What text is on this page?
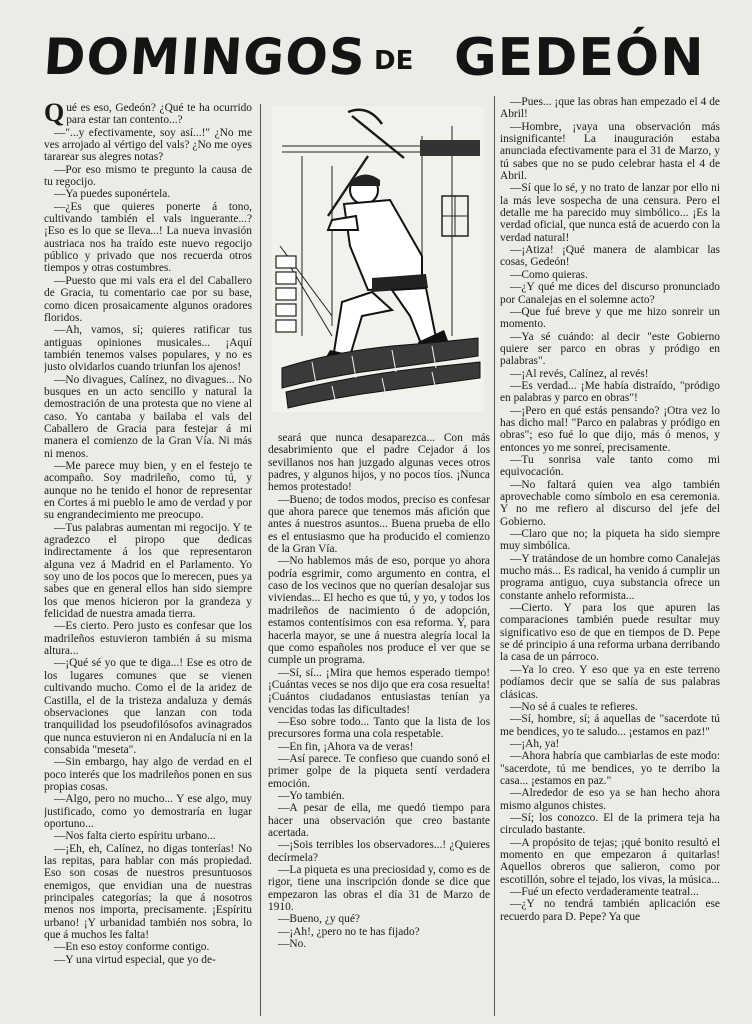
DOMINGOS DE GEDEÓN

Qué es eso, Gedeón? ¿Qué te ha ocurrido para estar tan contento...?

—"...y efectivamente, soy así...!" ¿No me ves arrojado al vértigo del vals? ¿No me oyes tararear sus alegres notas?

—Por eso mismo te pregunto la causa de tu regocijo.

—Ya puedes suponértela.

—¿Es que quieres ponerte á tono, cultivando también el vals inguerante...? ¡Eso es lo que se lleva...! La nueva invasión austriaca nos ha traído este nuevo regocijo público y privado que nos recuerda otros tiempos y otras costumbres.

—Puesto que mi vals era el del Caballero de Gracia, tu comentario cae por su base, como dicen prosaicamente algunos oradores floridos.

—Ah, vamos, sí; quieres ratificar tus antiguas opiniones musicales... ¡Aquí también tenemos valses populares, y no es justo olvidarlos cuando triunfan los ajenos!

—No divagues, Calínez, no divagues... No busques en un acto sencillo y natural la demostración de una protesta que no viene al caso. Yo cantaba y bailaba el vals del Caballero de Gracia para festejar á mi manera el comienzo de la Gran Vía. Ni más ni menos.

—Me parece muy bien, y en el festejo te acompaño. Soy madrileño, como tú, y aunque no he tenido el honor de representar en Cortes á mi pueblo le amo de verdad y por su engrandecimiento me preocupo.

—Tus palabras aumentan mi regocijo. Y te agradezco el piropo que dedicas indirectamente á los que representaron alguna vez á Madrid en el Parlamento. Yo soy uno de los pocos que lo merecen, pues ya sabes que en general ellos han sido siempre los que menos hicieron por la grandeza y felicidad de nuestra amada tierra.

—Es cierto. Pero justo es confesar que los madrileños estuvieron también á su misma altura...

—¡Qué sé yo que te diga...! Ese es otro de los lugares comunes que se vienen cultivando mucho. Como el de la aridez de Castilla, el de la tristeza andaluza y demás observaciones que lanzan con toda tranquilidad los pseudofilósofos avinagrados que nunca estuvieron ni en Andalucía ni en la consabida "meseta".

—Sin embargo, hay algo de verdad en el poco interés que los madrileños ponen en sus propias cosas.

—Algo, pero no mucho... Y ese algo, muy justificado, como yo demostraría en lugar oportuno...

—Nos falta cierto espíritu urbano...

—¡Eh, eh, Calínez, no digas tonterías! No las repitas, para hablar con más propiedad. Eso son cosas de nuestros presuntuosos enemigos, que envidian una de nuestras principales categorías; la que á nosotros menos nos importa, precisamente. ¡Espíritu urbano! ¡Y urbanidad también nos sobra, lo que á muchos les falta!

—En eso estoy conforme contigo.

—Y una virtud especial, que yo de-

seará que nunca desaparezca... Con más desabrimiento que el padre Cejador á los sevillanos nos han juzgado algunas veces otros padres, y algunos hijos, y no pocos tíos. ¡Nunca hemos protestado!

—Bueno; de todos modos, preciso es confesar que ahora parece que tenemos más afición que antes á nuestros asuntos... Buena prueba de ello es el entusiasmo que ha producido el comienzo de la Gran Vía.

—No hablemos más de eso, porque yo ahora podría esgrimir, como argumento en contra, el caso de los vecinos que no querían desalojar sus viviendas... El hecho es que tú, y yo, y todos los madrileños de nacimiento ó de adopción, estamos contentísimos con esa reforma. Y, para hacerla mayor, se une á nuestra alegría local la que como españoles nos produce el ver que se cumple un programa.

—Sí, sí... ¡Mira que hemos esperado tiempo! ¡Cuántas veces se nos dijo que era cosa resuelta! ¡Cuántos ciudadanos entusiastas tenían ya vencidas todas las dificultades!

—Eso sobre todo... Tanto que la lista de los precursores forma una cola respetable.

—En fin, ¡Ahora va de veras!

—Así parece. Te confieso que cuando sonó el primer golpe de la piqueta sentí verdadera emoción.

—Yo también.

—A pesar de ella, me quedó tiempo para hacer una observación que creo bastante acertada.

—¡Sois terribles los observadores...! ¿Quieres decírmela?

—La piqueta es una preciosidad y, como es de rigor, tiene una inscripción donde se dice que empezaron las obras el día 31 de Marzo de 1910.

—Bueno, ¿y qué?

—¡Ah!, ¿pero no te has fijado?

—No.

—Pues... ¡que las obras han empezado el 4 de Abril!

—Hombre, ¡vaya una observación más insignificante! La inauguración estaba anunciada efectivamente para el 31 de Marzo, y tú sabes que no se pudo celebrar hasta el 4 de Abril.

—Sí que lo sé, y no trato de lanzar por ello ni la más leve sospecha de una censura. Pero el detalle me ha parecido muy simbólico... ¡Es la verdad oficial, que nunca está de acuerdo con la verdad natural!

—¡Atiza! ¡Qué manera de alambicar las cosas, Gedeón!

—Como quieras.

—¿Y qué me dices del discurso pronunciado por Canalejas en el solemne acto?

—Que fué breve y que me hizo sonreir un momento.

—Ya sé cuándo: al decir "este Gobierno quiere ser parco en obras y pródigo en palabras".

—¡Al revés, Calínez, al revés!

—Es verdad... ¡Me había distraído, "pródigo en palabras y parco en obras"!

—¡Pero en qué estás pensando? ¡Otra vez lo has dicho mal! "Parco en palabras y pródigo en obras"; eso fué lo que dijo, más ó menos, y entonces yo me sonreí, precisamente.

—Tu sonrisa vale tanto como mi equivocación.

—No faltará quien vea algo también aprovechable como símbolo en esa ceremonia. Y no me refiero al discurso del jefe del Gobierno.

—Claro que no; la piqueta ha sido siempre muy simbólica.

—Y tratándose de un hombre como Canalejas mucho más... Es radical, ha venido á cumplir un programa antiguo, cuya substancia ofrece un constante anhelo reformista...

—Cierto. Y para los que apuren las comparaciones también puede resultar muy significativo eso de que en tiempos de D. Pepe se dé principio á una reforma urbana derribando la casa de un párroco.

—Ya lo creo. Y eso que ya en este terreno podíamos decir que se salía de sus palabras clásicas.

—No sé á cuales te refieres.

—Sí, hombre, sí; á aquellas de "sacerdote tú me bendices, yo te saludo... ¡estamos en paz!"

—¡Ah, ya!

—Ahora habría que cambiarlas de este modo: "sacerdote, tú me bendices, yo te derribo la casa... ¡estamos en paz."

—Alrededor de eso ya se han hecho ahora mismo algunos chistes.

—Sí; los conozco. El de la primera teja ha circulado bastante.

—A propósito de tejas; ¡qué bonito resultó el momento en que empezaron á quitarlas! Aquellos obreros que salieron, como por escotillón, sobre el tejado, los vivas, la música...

—Fué un efecto verdaderamente teatral...

—¿Y no tendrá también aplicación ese recuerdo para D. Pepe? Ya que
